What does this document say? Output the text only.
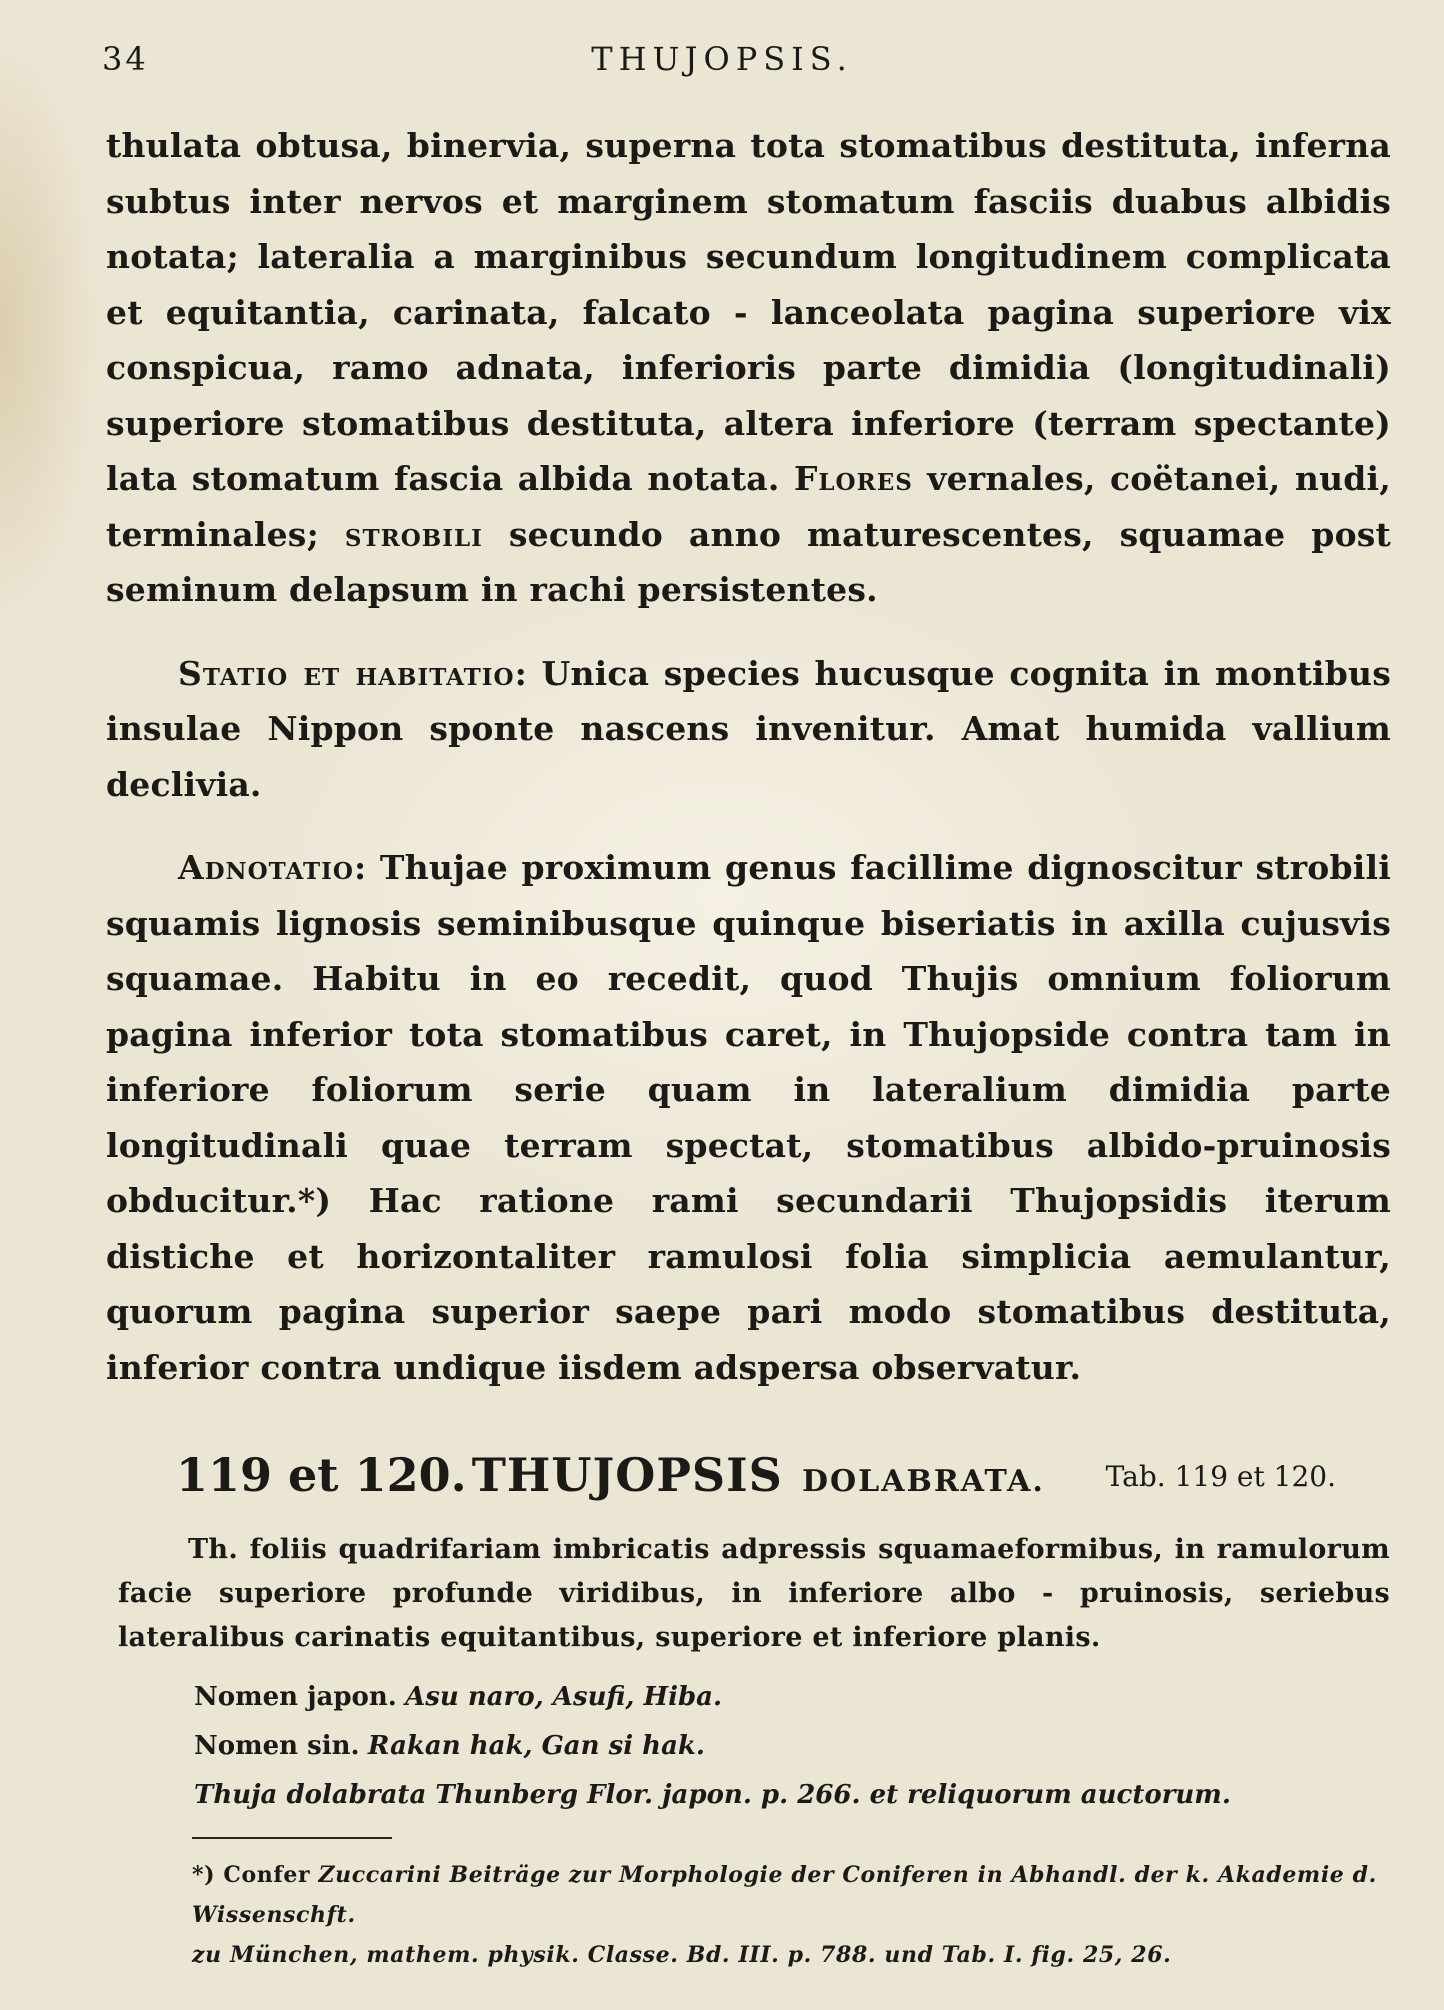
34	THUJOPSIS.

thulata obtusa, binervia, superna tota stomatibus destituta, inferna subtus inter nervos et marginem stomatum fasciis duabus albidis notata; lateralia a marginibus secundum longitudinem complicata et equitantia, carinata, falcato - lanceolata pagina superiore vix conspicua, ramo adnata, inferioris parte dimidia (longitudinali) superiore stomatibus destituta, altera inferiore (terram spectante) lata stomatum fascia albida notata. Flores vernales, coëtanei, nudi, terminales; strobili secundo anno maturescentes, squamae post seminum delapsum in rachi persistentes.

Statio et habitatio: Unica species hucusque cognita in montibus insulae Nippon sponte nascens invenitur. Amat humida vallium declivia.

Adnotatio: Thujae proximum genus facillime dignoscitur strobili squamis lignosis seminibusque quinque biseriatis in axilla cujusvis squamae. Habitu in eo recedit, quod Thujis omnium foliorum pagina inferior tota stomatibus caret, in Thujopside contra tam in inferiore foliorum serie quam in lateralium dimidia parte longitudinali quae terram spectat, stomatibus albido-pruinosis obducitur.*) Hac ratione rami secundarii Thujopsidis iterum distiche et horizontaliter ramulosi folia simplicia aemulantur, quorum pagina superior saepe pari modo stomatibus destituta, inferior contra undique iisdem adspersa observatur.

119 et 120. THUJOPSIS DOLABRATA. Tab. 119 et 120.

Th. foliis quadrifariam imbricatis adpressis squamaeformibus, in ramulorum facie superiore profunde viridibus, in inferiore albo - pruinosis, seriebus lateralibus carinatis equitantibus, superiore et inferiore planis.

Nomen japon. Asu naro, Asufi, Hiba.
Nomen sin. Rakan hak, Gan si hak.
Thuja dolabrata Thunberg Flor. japon. p. 266. et reliquorum auctorum.

*) Confer Zuccarini Beiträge zur Morphologie der Coniferen in Abhandl. der k. Akademie d. Wissenschft.
zu München, mathem. physik. Classe. Bd. III. p. 788. und Tab. I. fig. 25, 26.
